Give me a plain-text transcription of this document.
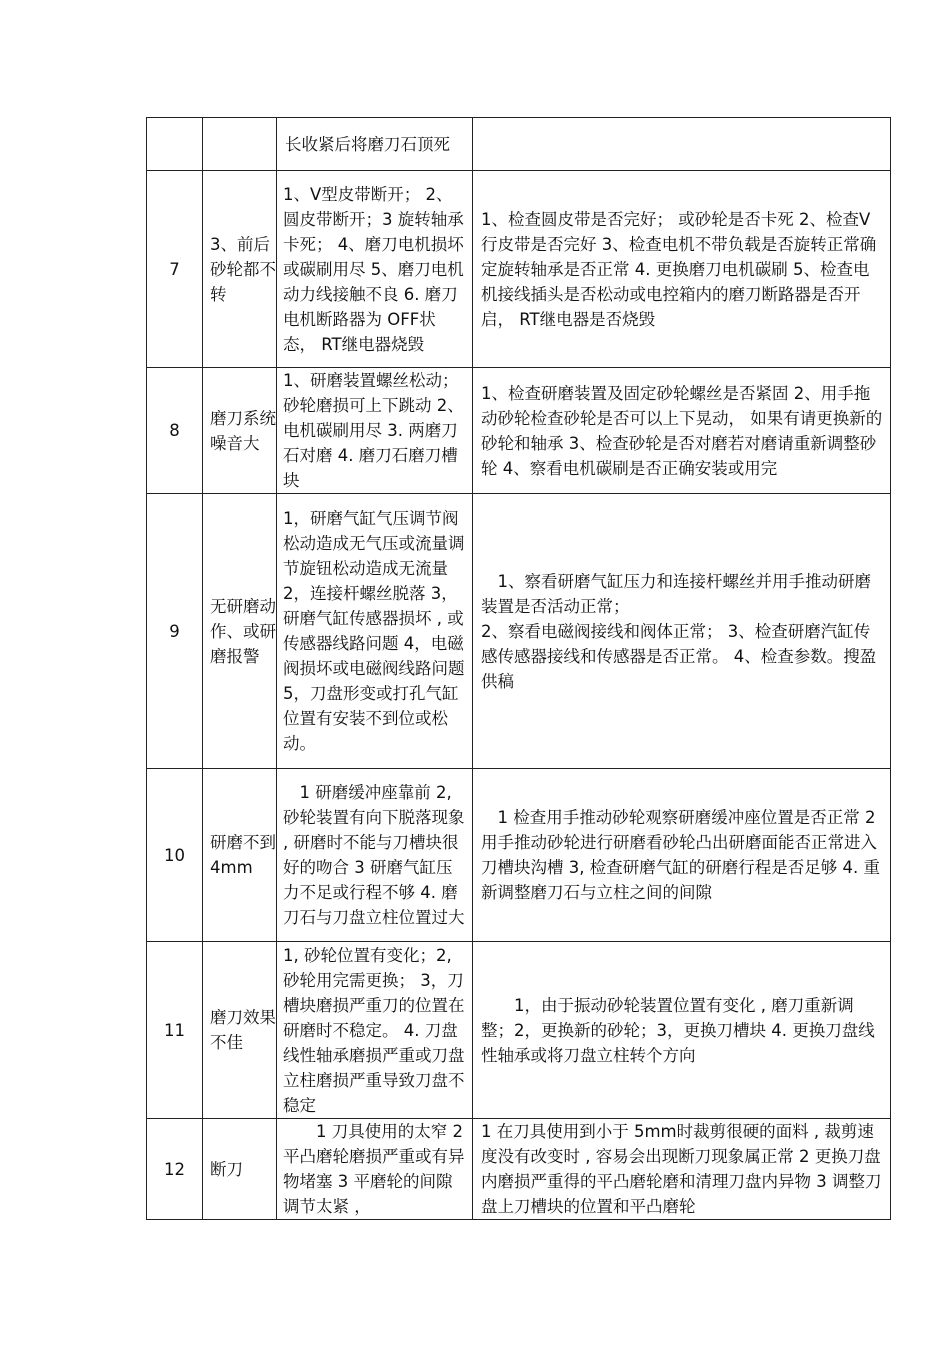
		长收紧后将磨刀石顶死	

7	3、前后砂轮都不转	1、V型皮带断开； 2、圆皮带断开；3 旋转轴承卡死； 4、磨刀电机损坏或碳刷用尽 5、磨刀电机动力线接触不良 6. 磨刀电机断路器为 OFF状态， RT继电器烧毁	1、检查圆皮带是否完好； 或砂轮是否卡死 2、检查Ⅴ行皮带是否完好 3、检查电机不带负载是否旋转正常确定旋转轴承是否正常 4. 更换磨刀电机碳刷 5、检查电机接线插头是否松动或电控箱内的磨刀断路器是否开启， RT继电器是否烧毁

8	磨刀系统噪音大	1、研磨装置螺丝松动；砂轮磨损可上下跳动 2、电机碳刷用尽 3. 两磨刀石对磨 4. 磨刀石磨刀槽块	1、检查研磨装置及固定砂轮螺丝是否紧固 2、用手拖动砂轮检查砂轮是否可以上下晃动， 如果有请更换新的砂轮和轴承 3、检查砂轮是否对磨若对磨请重新调整砂轮 4、察看电机碳刷是否正确安装或用完

9	无研磨动作、或研磨报警	1，研磨气缸气压调节阀松动造成无气压或流量调节旋钮松动造成无流量 2，连接杆螺丝脱落 3，研磨气缸传感器损坏 , 或传感器线路问题 4，电磁阀损坏或电磁阀线路问题 5，刀盘形变或打孔气缸位置有安装不到位或松动。	1、察看研磨气缸压力和连接杆螺丝并用手推动研磨装置是否活动正常；
2、察看电磁阀接线和阀体正常； 3、检查研磨汽缸传感传感器接线和传感器是否正常。 4、检查参数。搜盈供稿

10	研磨不到4mm	1 研磨缓冲座靠前 2, 砂轮装置有向下脱落现象 , 研磨时不能与刀槽块很好的吻合 3 研磨气缸压力不足或行程不够 4. 磨刀石与刀盘立柱位置过大	1 检查用手推动砂轮观察研磨缓冲座位置是否正常 2 用手推动砂轮进行研磨看砂轮凸出研磨面能否正常进入刀槽块沟槽 3, 检查研磨气缸的研磨行程是否足够 4. 重新调整磨刀石与立柱之间的间隙

11	磨刀效果不佳	1, 砂轮位置有变化；2, 砂轮用完需更换； 3，刀槽块磨损严重刀的位置在研磨时不稳定。 4. 刀盘线性轴承磨损严重或刀盘立柱磨损严重导致刀盘不稳定	1，由于振动砂轮装置位置有变化 , 磨刀重新调整；2，更换新的砂轮；3，更换刀槽块 4. 更换刀盘线性轴承或将刀盘立柱转个方向

12	断刀	1 刀具使用的太窄 2 平凸磨轮磨损严重或有异物堵塞 3 平磨轮的间隙调节太紧 ，	1 在刀具使用到小于 5mm时裁剪很硬的面料 , 裁剪速度没有改变时 , 容易会出现断刀现象属正常 2 更换刀盘内磨损严重得的平凸磨轮磨和清理刀盘内异物 3 调整刀盘上刀槽块的位置和平凸磨轮
